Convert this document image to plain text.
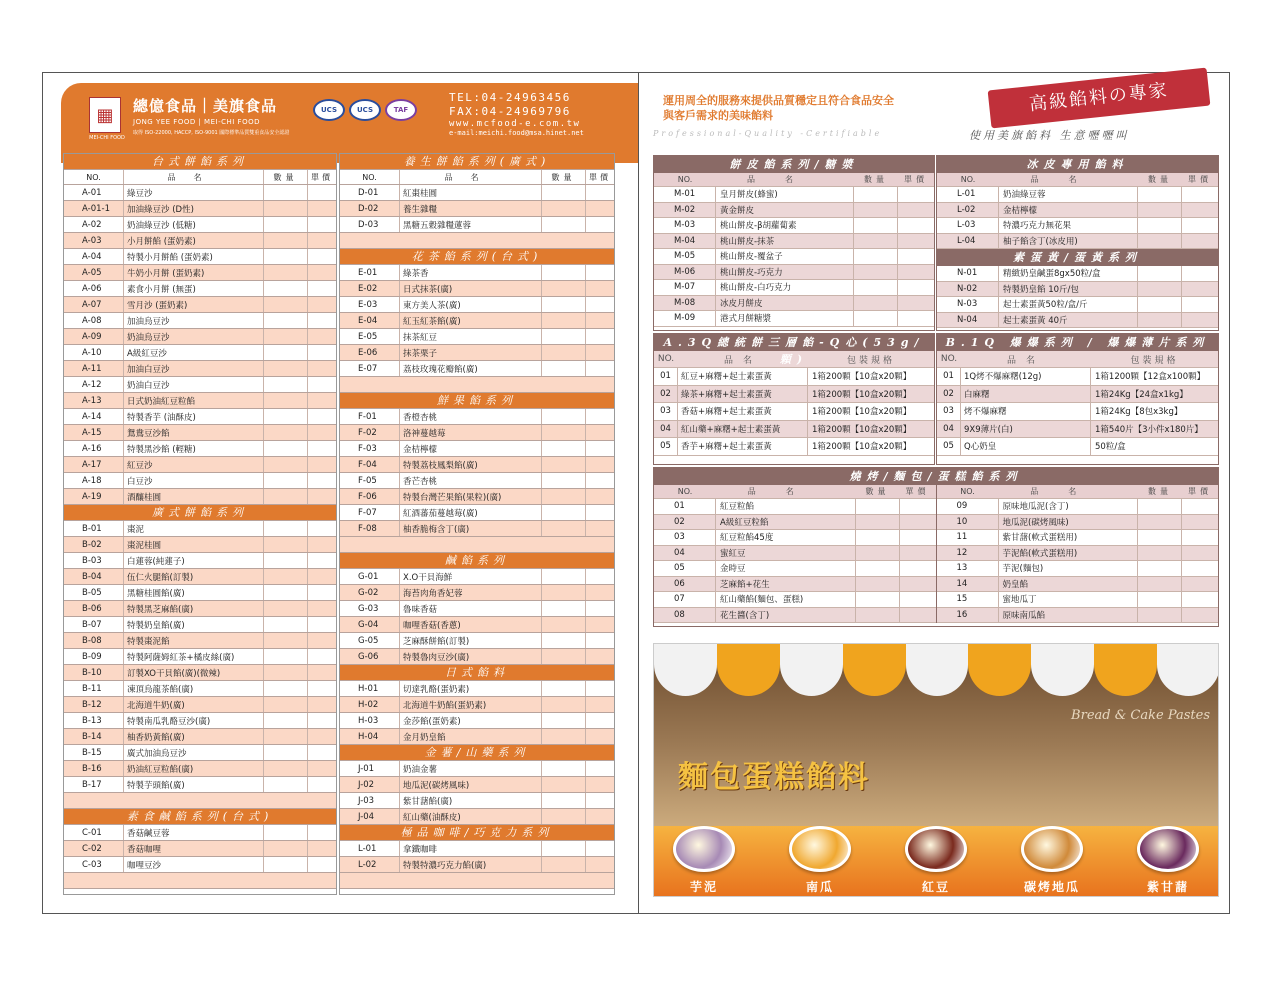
▦
MEI-CHI FOOD
總億食品｜美旗食品
JONG YEE FOOD | MEI-CHI FOOD
取得 ISO-22000, HACCP, ISO-9001 國際標準品質雙重食品安全認證
UCS	UCS	TAF
TEL:04-24963456
FAX:04-24969796
www.mcfood-e.com.tw
e-mail:meichi.food@msa.hinet.net
台式餅餡系列
NO.	品名	數量	單價
A-01	綠豆沙
A-01-1	加油綠豆沙 (D性)
A-02	奶油綠豆沙 (低糖)
A-03	小月餅餡 (蛋奶素)
A-04	特製小月餅餡 (蛋奶素)
A-05	牛奶小月餅 (蛋奶素)
A-06	素食小月餅 (無蛋)
A-07	雪月沙 (蛋奶素)
A-08	加油烏豆沙
A-09	奶油烏豆沙
A-10	A級紅豆沙
A-11	加油白豆沙
A-12	奶油白豆沙
A-13	日式奶油紅豆粒餡
A-14	特製香芋 (油酥皮)
A-15	鴛鴦豆沙餡
A-16	特製黑沙餡 (輕糖)
A-17	紅豆沙
A-18	白豆沙
A-19	酒釀桂圓
廣式餅餡系列
B-01	棗泥
B-02	棗泥桂圓
B-03	白蓮蓉(純蓮子)
B-04	伍仁火腿餡(訂製)
B-05	黑糖桂圓餡(廣)
B-06	特製黑芝麻餡(廣)
B-07	特製奶皇餡(廣)
B-08	特製棗泥餡
B-09	特製阿薩姆紅茶+橘皮絲(廣)
B-10	訂製XO干貝餡(廣)(微辣)
B-11	凍頂烏龍茶餡(廣)
B-12	北海道牛奶(廣)
B-13	特製南瓜乳酪豆沙(廣)
B-14	柚香奶黃餡(廣)
B-15	廣式加油烏豆沙
B-16	奶油紅豆粒餡(廣)
B-17	特製芋頭餡(廣)
素食鹹餡系列(台式)
C-01	香菇鹹豆蓉
C-02	香菇咖哩
C-03	咖哩豆沙
養生餅餡系列(廣式)
NO.	品名	數量	單價
D-01	紅棗桂圓
D-02	養生雜糧
D-03	黑糖五穀雜糧蓮蓉
花茶餡系列(台式)
E-01	綠茶香
E-02	日式抹茶(廣)
E-03	東方美人茶(廣)
E-04	紅玉紅茶餡(廣)
E-05	抹茶紅豆
E-06	抹茶栗子
E-07	荔枝玫瑰花瓣餡(廣)
鮮果餡系列
F-01	香橙杏桃
F-02	洛神蔓越莓
F-03	金桔檸檬
F-04	特製荔枝鳳梨餡(廣)
F-05	香芒杏桃
F-06	特製台灣芒果餡(果粒)(廣)
F-07	紅酒蕃茄蔓越莓(廣)
F-08	柚香脆梅含丁(廣)
鹹餡系列
G-01	X.O干貝海鮮
G-02	海苔肉角香妃蓉
G-03	魯味香菇
G-04	咖哩香菇(香蔥)
G-05	芝麻酥餅餡(訂製)
G-06	特製魯肉豆沙(廣)
日式餡料
H-01	切達乳酪(蛋奶素)
H-02	北海道牛奶餡(蛋奶素)
H-03	金莎餡(蛋奶素)
H-04	金月奶皇餡
金薯/山藥系列
J-01	奶油金薯
J-02	地瓜泥(碳烤風味)
J-03	紫甘藷餡(廣)
J-04	紅山藥(油酥皮)
極品咖啡/巧克力系列
L-01	拿鐵咖啡
L-02	特製特濃巧克力餡(廣)
運用周全的服務來提供品質穩定且符合食品安全
與客戶需求的美味餡料
Professional-Quality -Certifiable
高級餡料の專家
使用美旗餡料 生意嚦嚦叫
餅皮餡系列/糖漿
NO.	品名	數量	單價
M-01	皇月餅皮(蜂蜜)
M-02	黃金餅皮
M-03	桃山餅皮-β胡蘿蔔素
M-04	桃山餅皮-抹茶
M-05	桃山餅皮-覆盆子
M-06	桃山餅皮-巧克力
M-07	桃山餅皮-白巧克力
M-08	冰皮月餅皮
M-09	港式月餅糖漿
冰皮專用餡料
NO.	品名	數量	單價
L-01	奶油綠豆蓉
L-02	金桔檸檬
L-03	特濃巧克力無花果
L-04	柚子餡含丁(冰皮用)
素蛋黃/蛋黃系列
N-01	精緻奶皇鹹蛋8gx50粒/盒
N-02	特製奶皇餡 10斤/包
N-03	起士素蛋黃50粒/盒/斤
N-04	起士素蛋黃 40斤
A.3Q總統餅三層餡-Q心(53g/顆)
NO.	品名	包裝規格
01	紅豆+麻糬+起士素蛋黃	1箱200顆【10盒x20顆】
02	綠茶+麻糬+起士素蛋黃	1箱200顆【10盒x20顆】
03	香菇+麻糬+起士素蛋黃	1箱200顆【10盒x20顆】
04	紅山藥+麻糬+起士素蛋黃	1箱200顆【10盒x20顆】
05	香芋+麻糬+起士素蛋黃	1箱200顆【10盒x20顆】
B.1Q 爆爆系列 / 爆爆薄片系列
NO.	品名	包裝規格
01	1Q烤不爆麻糬(12g)	1箱1200顆【12盒x100顆】
02	白麻糬	1箱24Kg【24盒x1kg】
03	烤不爆麻糬	1箱24Kg【8包x3kg】
04	9X9薄片(白)	1箱540片【3小件x180片】
05	Q心奶皇	50粒/盒
燒烤/麵包/蛋糕餡系列
NO.	品名	數量	單價
01	紅豆粒餡
02	A級紅豆粒餡
03	紅豆粒餡45度
04	蜜紅豆
05	金時豆
06	芝麻餡+花生
07	紅山藥餡(麵包、蛋糕)
08	花生醬(含丁)
NO.	品名	數量	單價
09	原味地瓜泥(含丁)
10	地瓜泥(碳烤風味)
11	紫甘藷(軟式蛋糕用)
12	芋泥餡(軟式蛋糕用)
13	芋泥(麵包)
14	奶皇餡
15	蜜地瓜丁
16	原味南瓜餡
Bread & Cake Pastes
麵包蛋糕餡料
芋泥	南瓜	紅豆	碳烤地瓜	紫甘藷
